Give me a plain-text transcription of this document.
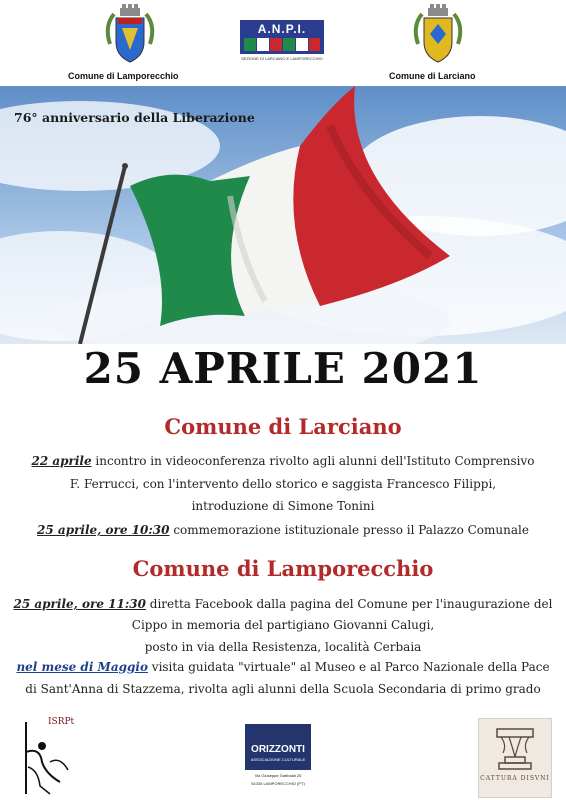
Comune di Lamporecchio
A.N.P.I.
SEZIONE DI LARCIANO E LAMPORECCHIO
Comune di Larciano
76° anniversario della Liberazione
25 APRILE 2021
Comune di Larciano
22 aprile incontro in videoconferenza rivolto agli alunni dell'Istituto Comprensivo
F. Ferrucci, con l'intervento dello storico e saggista Francesco Filippi,
introduzione di Simone Tonini
25 aprile, ore 10:30 commemorazione istituzionale presso il Palazzo Comunale
Comune di Lamporecchio
25 aprile, ore 11:30 diretta Facebook dalla pagina del Comune per l'inaugurazione del
Cippo in memoria del partigiano Giovanni Calugi,
posto in via della Resistenza, località Cerbaia
nel mese di Maggio visita guidata "virtuale" al Museo e al Parco Nazionale della Pace
di Sant'Anna di Stazzema, rivolta agli alunni della Scuola Secondaria di primo grado
ISRPt
ORIZZONTI
ASSOCIAZIONE CULTURALE
Via Giuseppe Garibaldi 25
51035 LAMPORECCHIO (PT)
CATTURA DISVNI
